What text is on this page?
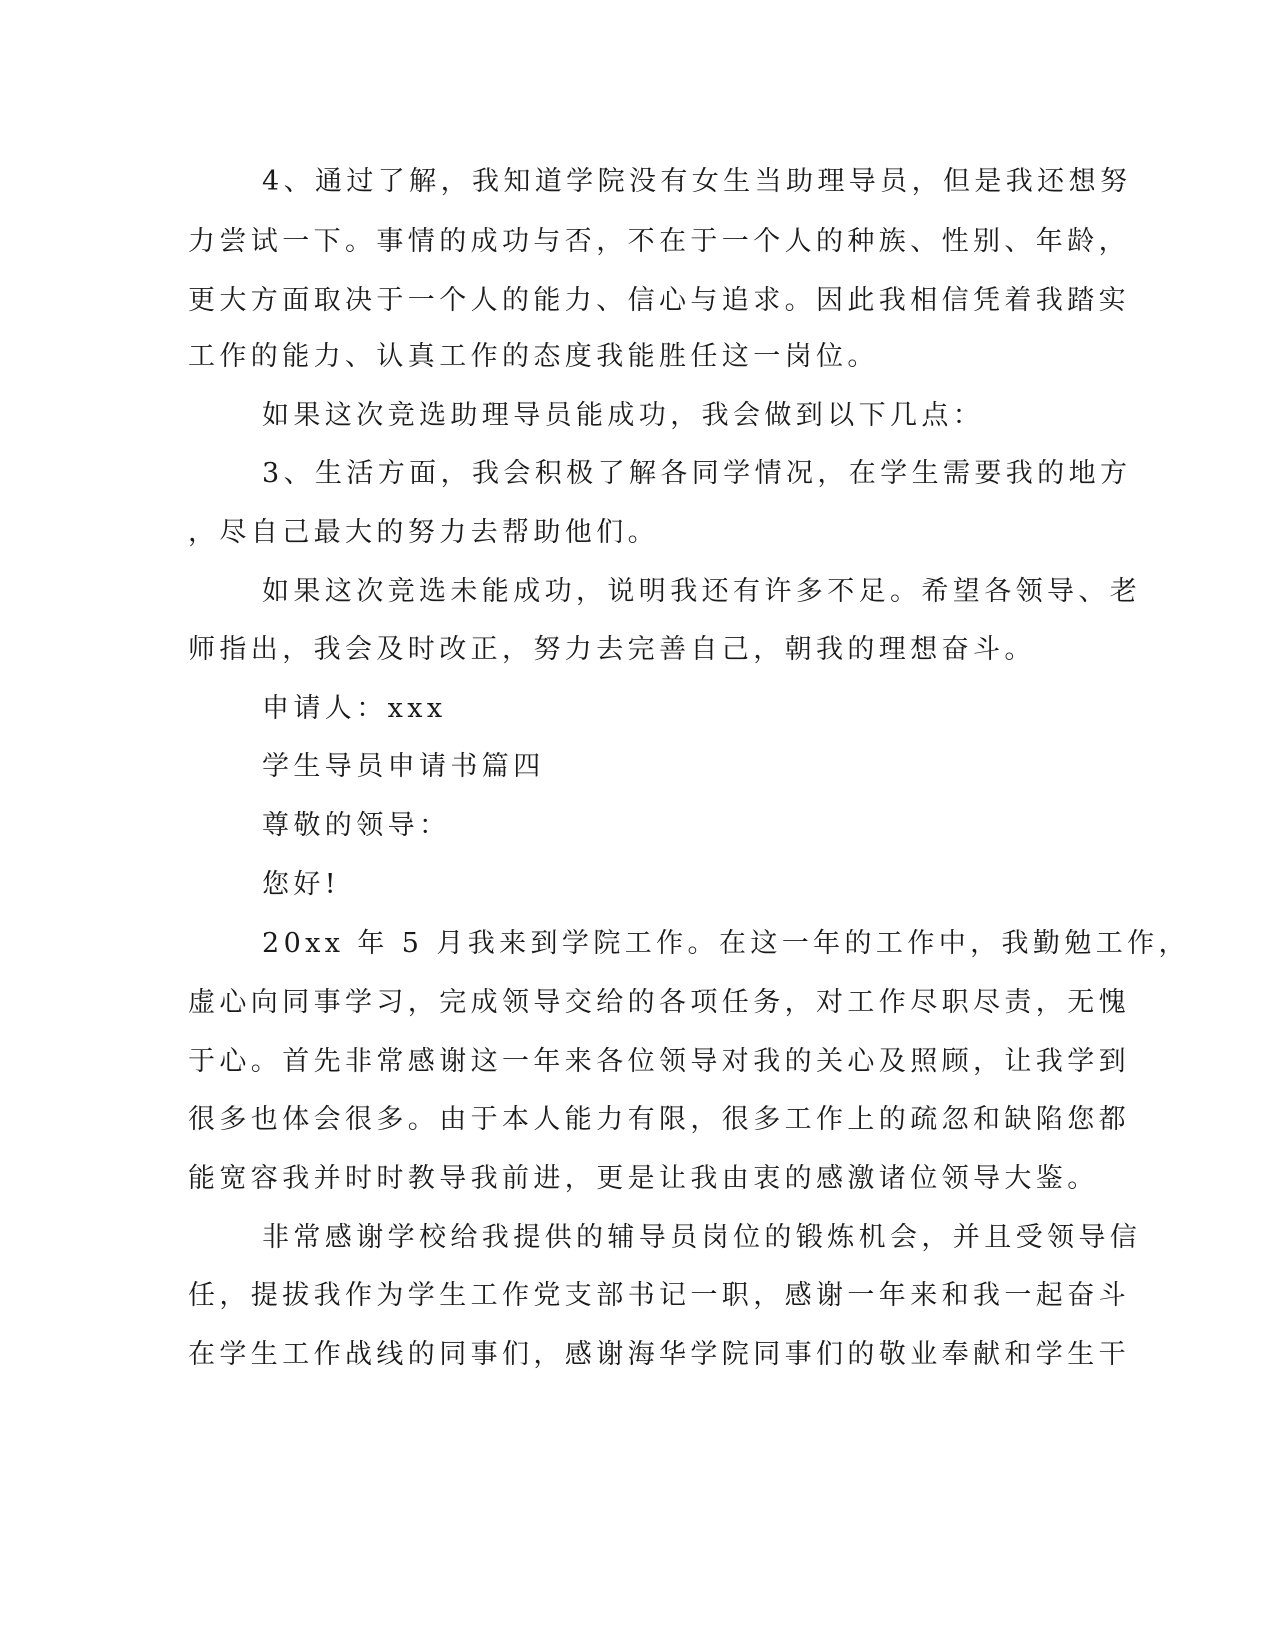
4、通过了解，我知道学院没有女生当助理导员，但是我还想努

力尝试一下。事情的成功与否，不在于一个人的种族、性别、年龄，

更大方面取决于一个人的能力、信心与追求。因此我相信凭着我踏实

工作的能力、认真工作的态度我能胜任这一岗位。

如果这次竞选助理导员能成功，我会做到以下几点：

3、生活方面，我会积极了解各同学情况，在学生需要我的地方

，尽自己最大的努力去帮助他们。

如果这次竞选未能成功，说明我还有许多不足。希望各领导、老

师指出，我会及时改正，努力去完善自己，朝我的理想奋斗。

申请人：xxx

学生导员申请书篇四

尊敬的领导：

您好!

20xx 年 5 月我来到学院工作。在这一年的工作中，我勤勉工作，

虚心向同事学习，完成领导交给的各项任务，对工作尽职尽责，无愧

于心。首先非常感谢这一年来各位领导对我的关心及照顾，让我学到

很多也体会很多。由于本人能力有限，很多工作上的疏忽和缺陷您都

能宽容我并时时教导我前进，更是让我由衷的感激诸位领导大鉴。

非常感谢学校给我提供的辅导员岗位的锻炼机会，并且受领导信

任，提拔我作为学生工作党支部书记一职，感谢一年来和我一起奋斗

在学生工作战线的同事们，感谢海华学院同事们的敬业奉献和学生干
